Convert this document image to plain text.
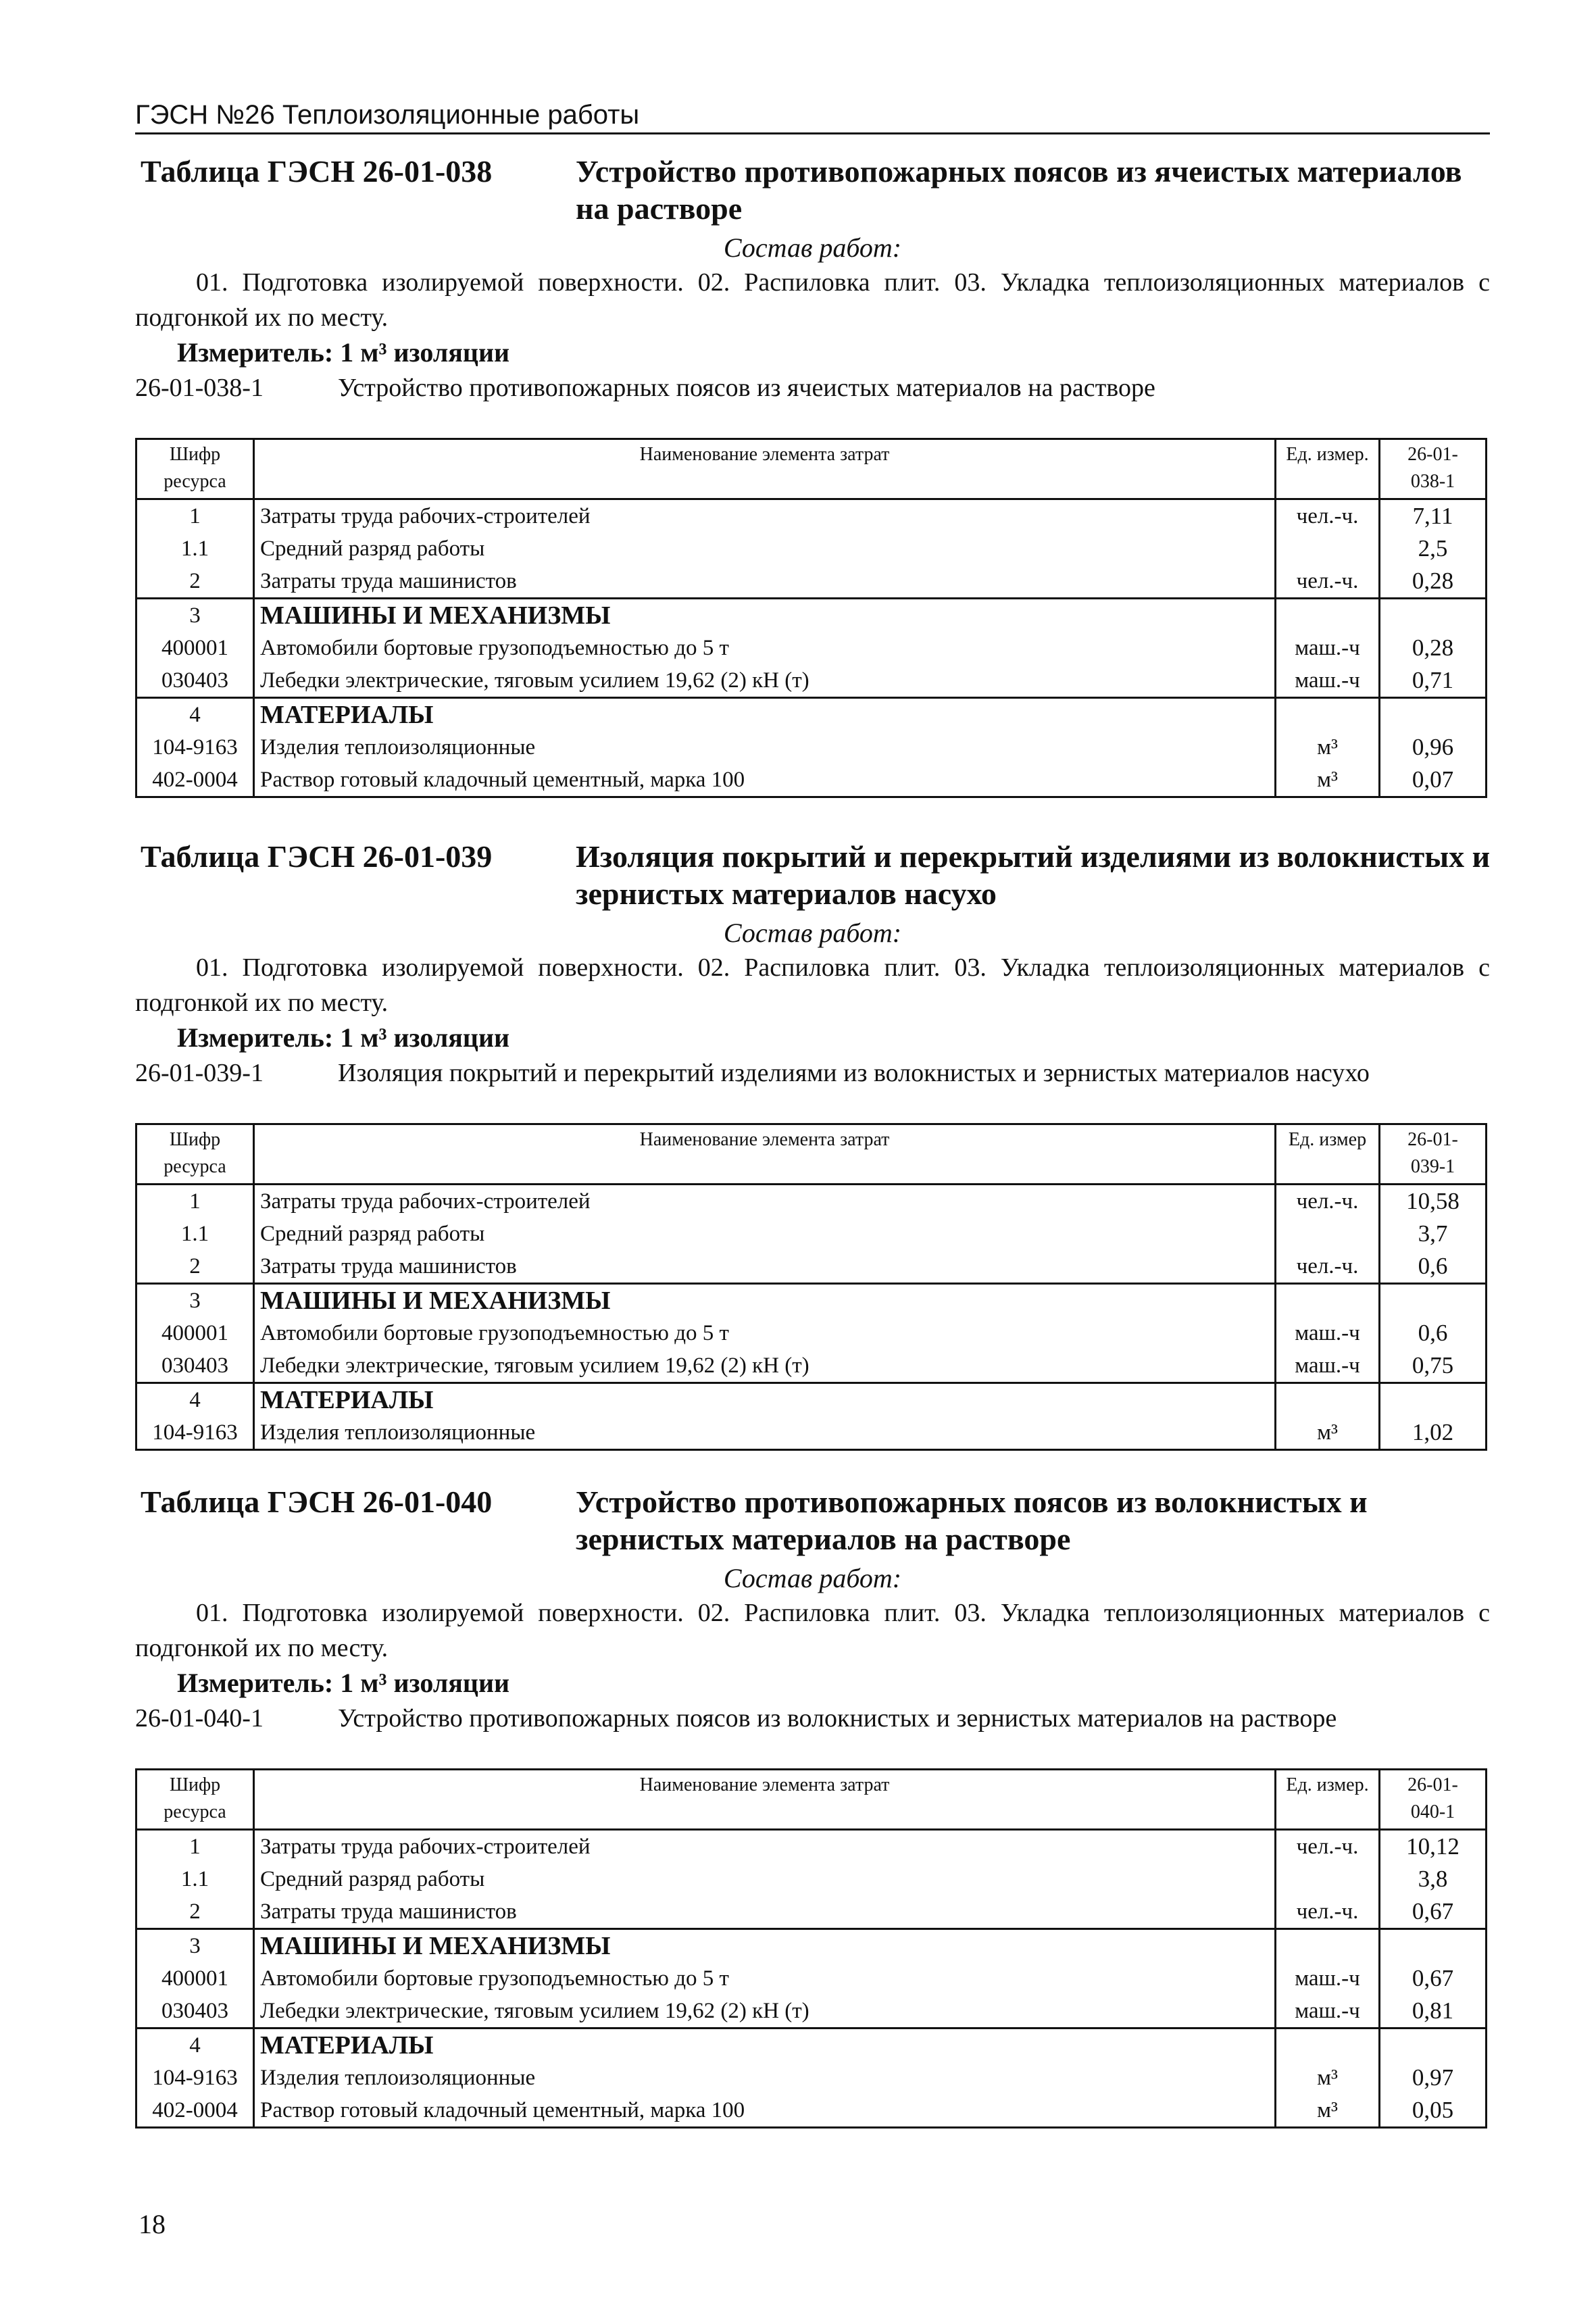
ГЭСН №26 Теплоизоляционные работы
Таблица ГЭСН 26-01-038	Устройство противопожарных поясов из ячеистых материалов на растворе
Состав работ:

01. Подготовка изолируемой поверхности. 02. Распиловка плит. 03. Укладка теплоизоляционных материалов с подгонкой их по месту.

Измеритель: 1 м³ изоляции
26-01-038-1	Устройство противопожарных поясов из ячеистых материалов на растворе
Шифр
ресурса	Наименование элемента затрат	Ед. измер.	26-01-
038-1
1	Затраты труда рабочих-строителей	чел.-ч.	7,11
1.1	Средний разряд работы		2,5
2	Затраты труда машинистов	чел.-ч.	0,28
3	МАШИНЫ И МЕХАНИЗМЫ		
400001	Автомобили бортовые грузоподъемностью до 5 т	маш.-ч	0,28
030403	Лебедки электрические, тяговым усилием 19,62 (2) кН (т)	маш.-ч	0,71
4	МАТЕРИАЛЫ		
104-9163	Изделия теплоизоляционные	м³	0,96
402-0004	Раствор готовый кладочный цементный, марка 100	м³	0,07
Таблица ГЭСН 26-01-039	Изоляция покрытий и перекрытий изделиями из волокнистых и зернистых материалов насухо
Состав работ:

01. Подготовка изолируемой поверхности. 02. Распиловка плит. 03. Укладка теплоизоляционных материалов с подгонкой их по месту.

Измеритель: 1 м³ изоляции
26-01-039-1	Изоляция покрытий и перекрытий изделиями из волокнистых и зернистых материалов насухо
Шифр
ресурса	Наименование элемента затрат	Ед. измер	26-01-
039-1
1	Затраты труда рабочих-строителей	чел.-ч.	10,58
1.1	Средний разряд работы		3,7
2	Затраты труда машинистов	чел.-ч.	0,6
3	МАШИНЫ И МЕХАНИЗМЫ		
400001	Автомобили бортовые грузоподъемностью до 5 т	маш.-ч	0,6
030403	Лебедки электрические, тяговым усилием 19,62 (2) кН (т)	маш.-ч	0,75
4	МАТЕРИАЛЫ		
104-9163	Изделия теплоизоляционные	м³	1,02
Таблица ГЭСН 26-01-040	Устройство противопожарных поясов из волокнистых и зернистых материалов на растворе
Состав работ:

01. Подготовка изолируемой поверхности. 02. Распиловка плит. 03. Укладка теплоизоляционных материалов с подгонкой их по месту.

Измеритель: 1 м³ изоляции
26-01-040-1	Устройство противопожарных поясов из волокнистых и зернистых материалов на растворе
Шифр
ресурса	Наименование элемента затрат	Ед. измер.	26-01-
040-1
1	Затраты труда рабочих-строителей	чел.-ч.	10,12
1.1	Средний разряд работы		3,8
2	Затраты труда машинистов	чел.-ч.	0,67
3	МАШИНЫ И МЕХАНИЗМЫ		
400001	Автомобили бортовые грузоподъемностью до 5 т	маш.-ч	0,67
030403	Лебедки электрические, тяговым усилием 19,62 (2) кН (т)	маш.-ч	0,81
4	МАТЕРИАЛЫ		
104-9163	Изделия теплоизоляционные	м³	0,97
402-0004	Раствор готовый кладочный цементный, марка 100	м³	0,05
18
